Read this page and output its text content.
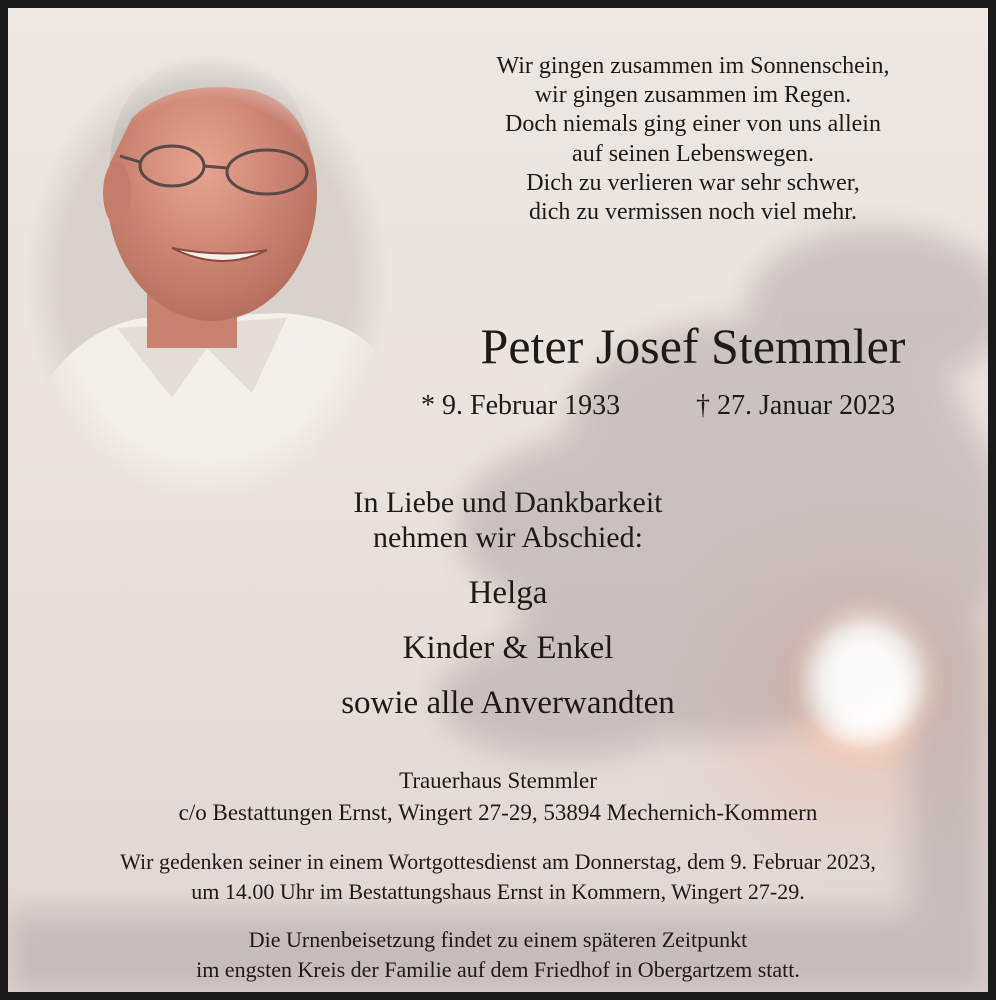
Wir gingen zusammen im Sonnenschein,
wir gingen zusammen im Regen.
Doch niemals ging einer von uns allein
auf seinen Lebenswegen.
Dich zu verlieren war sehr schwer,
dich zu vermissen noch viel mehr.
Peter Josef Stemmler
* 9. Februar 1933	† 27. Januar 2023
In Liebe und Dankbarkeit
nehmen wir Abschied:
Helga
Kinder & Enkel
sowie alle Anverwandten
Trauerhaus Stemmler
c/o Bestattungen Ernst, Wingert 27-29, 53894 Mechernich-Kommern
Wir gedenken seiner in einem Wortgottesdienst am Donnerstag, dem 9. Februar 2023,
um 14.00 Uhr im Bestattungshaus Ernst in Kommern, Wingert 27-29.
Die Urnenbeisetzung findet zu einem späteren Zeitpunkt
im engsten Kreis der Familie auf dem Friedhof in Obergartzem statt.
